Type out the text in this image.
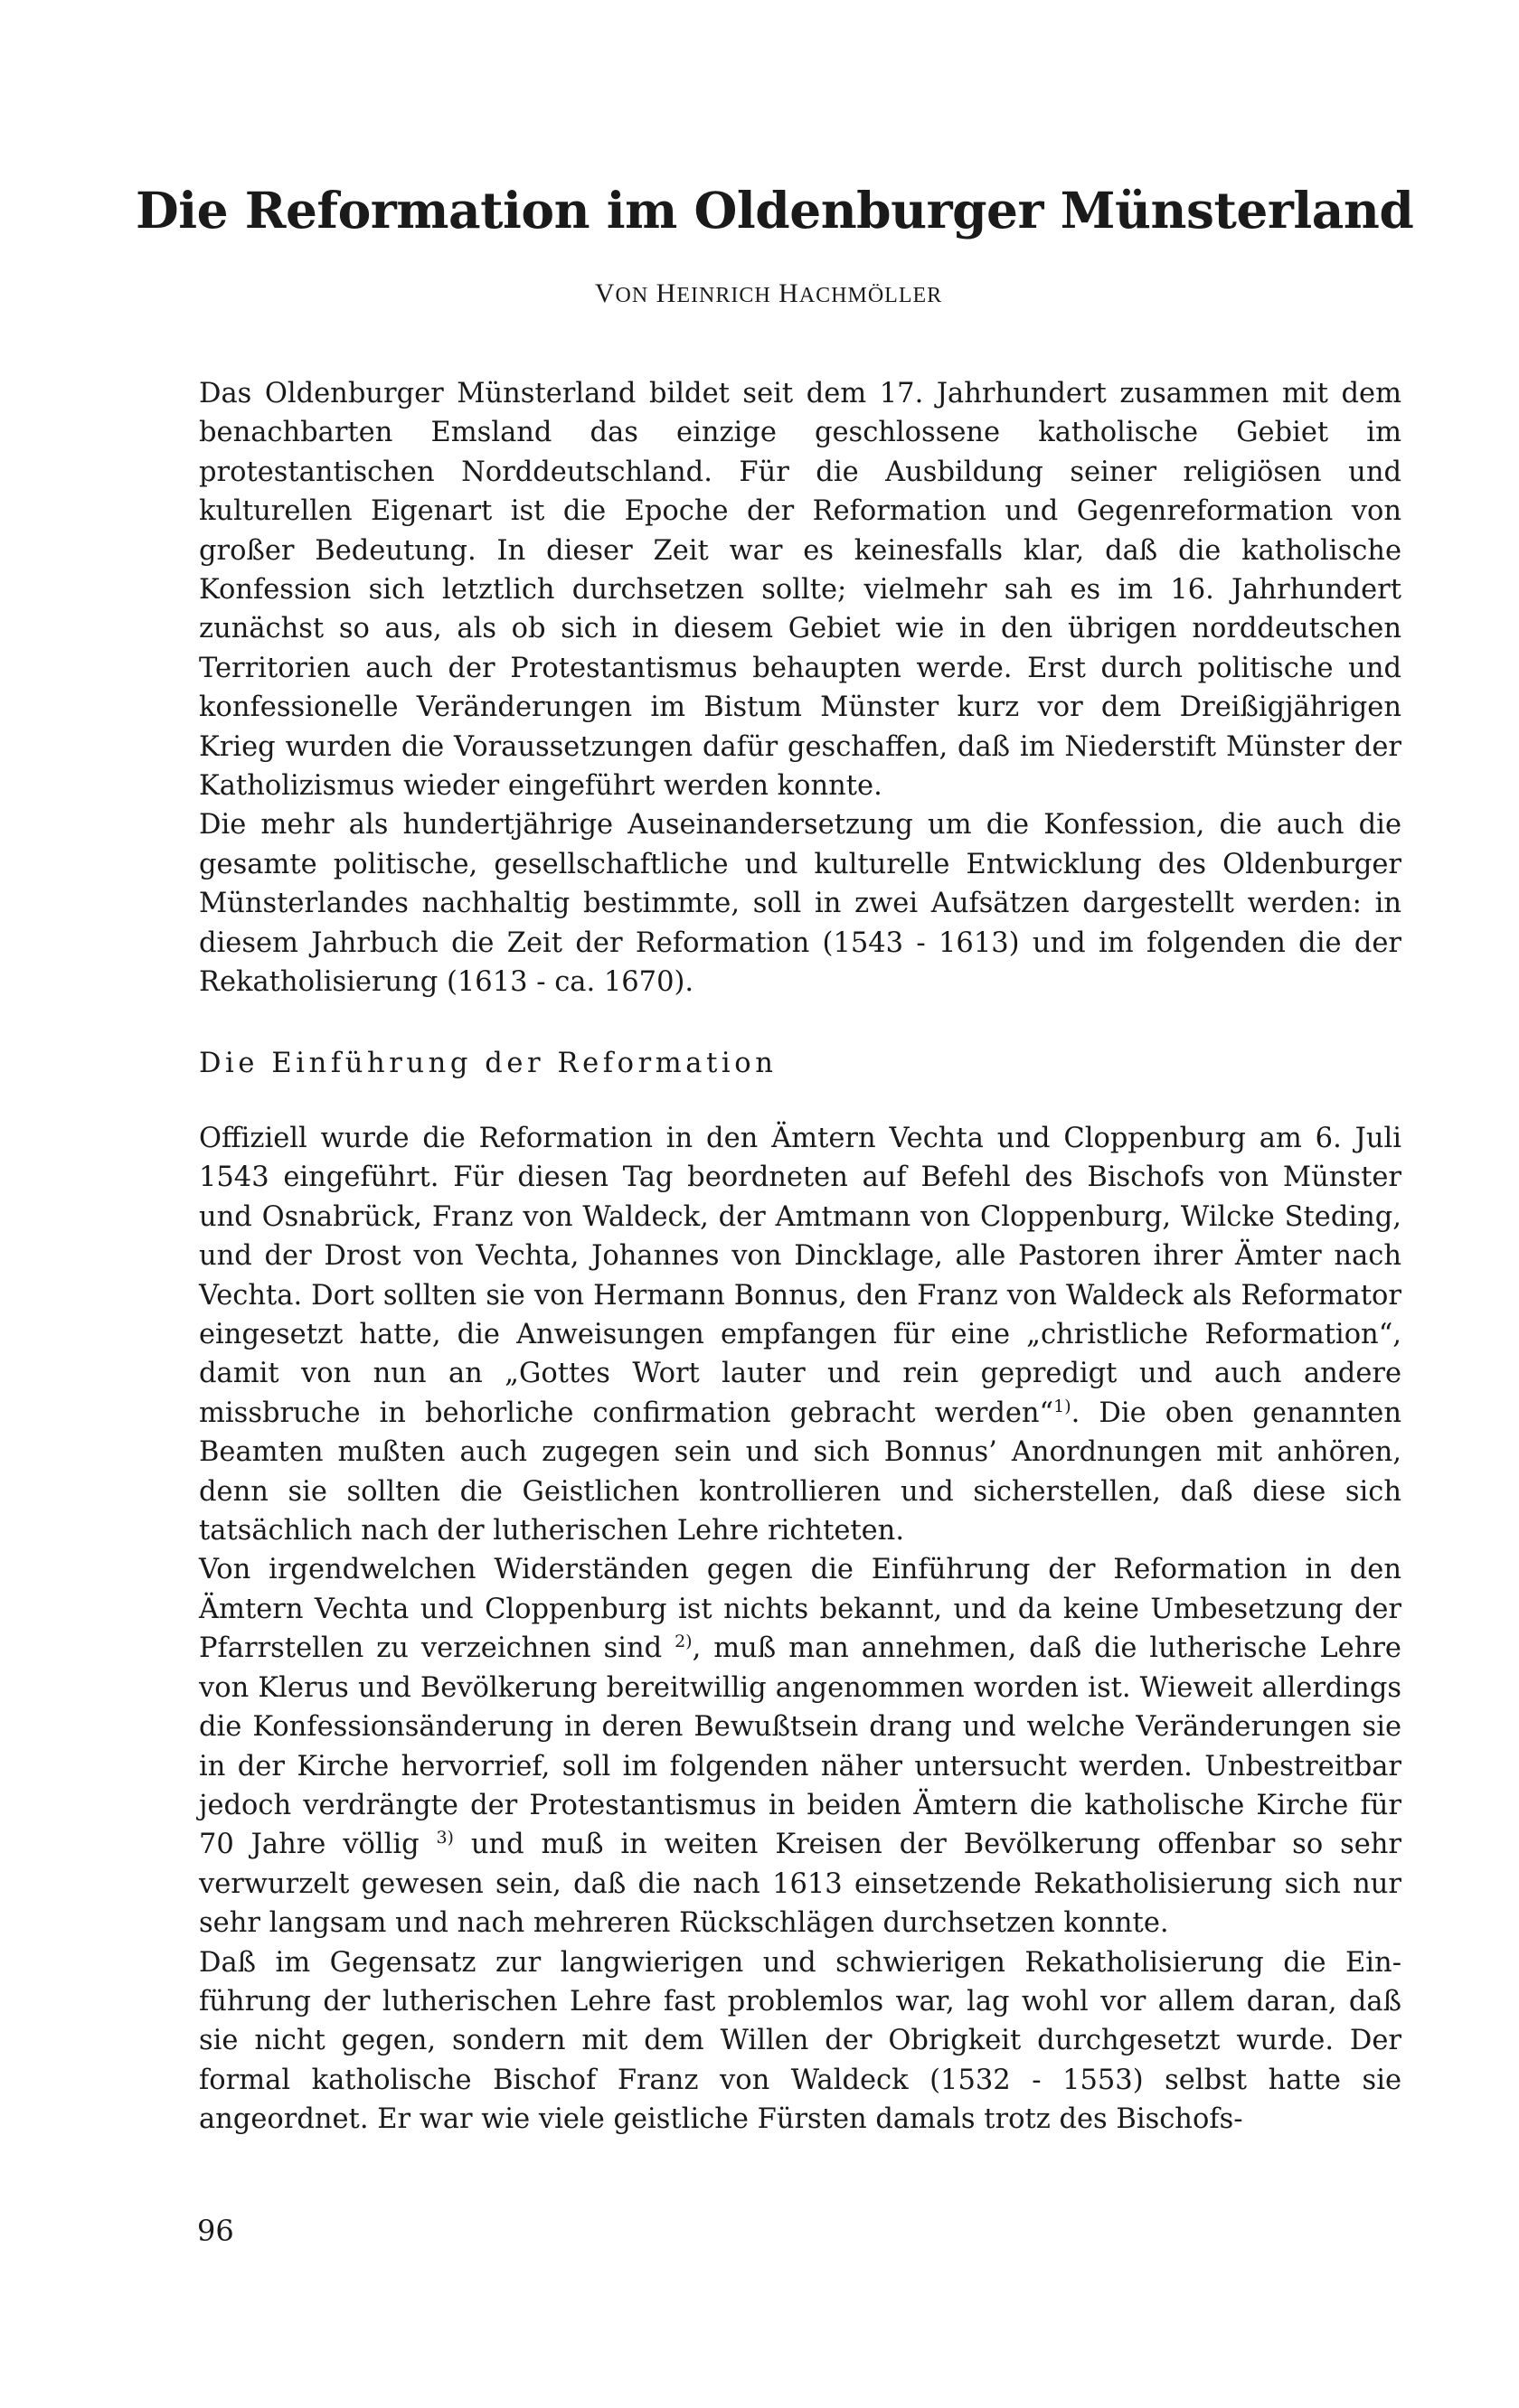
Die Reformation im Oldenburger Münsterland

VON HEINRICH HACHMÖLLER

Das Oldenburger Münsterland bildet seit dem 17. Jahrhundert zusammen mit dem benachbarten Emsland das einzige geschlossene katholische Gebiet im protestantischen Norddeutschland. Für die Ausbildung seiner religiösen und kulturellen Eigenart ist die Epoche der Reformation und Gegenreformation von großer Bedeutung. In dieser Zeit war es keinesfalls klar, daß die katholische Konfession sich letztlich durchsetzen sollte; vielmehr sah es im 16. Jahrhundert zunächst so aus, als ob sich in diesem Gebiet wie in den übrigen norddeutschen Territorien auch der Protestantismus behaupten werde. Erst durch politische und konfessionelle Veränderungen im Bistum Münster kurz vor dem Dreißigjährigen Krieg wurden die Voraussetzungen dafür geschaffen, daß im Niederstift Münster der Katholizismus wieder eingeführt werden konnte.
Die mehr als hundertjährige Auseinandersetzung um die Konfession, die auch die gesamte politische, gesellschaftliche und kulturelle Entwicklung des Oldenburger Münsterlandes nachhaltig bestimmte, soll in zwei Aufsätzen dargestellt werden: in diesem Jahrbuch die Zeit der Reformation (1543 - 1613) und im folgenden die der Rekatholisierung (1613 - ca. 1670).
Die Einführung der Reformation
Offiziell wurde die Reformation in den Ämtern Vechta und Cloppenburg am 6. Juli 1543 eingeführt. Für diesen Tag beordneten auf Befehl des Bischofs von Münster und Osnabrück, Franz von Waldeck, der Amtmann von Cloppenburg, Wilcke Steding, und der Drost von Vechta, Johannes von Dincklage, alle Pastoren ihrer Ämter nach Vechta. Dort sollten sie von Hermann Bonnus, den Franz von Waldeck als Reformator eingesetzt hatte, die Anweisungen empfangen für eine „christliche Reformation“, damit von nun an „Gottes Wort lauter und rein gepredigt und auch andere missbruche in behorliche confirmation gebracht werden“$^{1)}$. Die oben genannten Beamten mußten auch zugegen sein und sich Bonnus’ Anordnungen mit anhören, denn sie sollten die Geistlichen kontrollieren und sicherstellen, daß diese sich tatsächlich nach der lutherischen Lehre richteten.
Von irgendwelchen Widerständen gegen die Einführung der Reformation in den Ämtern Vechta und Cloppenburg ist nichts bekannt, und da keine Umbesetzung der Pfarrstellen zu verzeichnen sind $^{2)}$, muß man annehmen, daß die lutherische Lehre von Klerus und Bevölkerung bereitwillig angenommen worden ist. Wieweit allerdings die Konfessionsänderung in deren Bewußtsein drang und welche Veränderungen sie in der Kirche hervorrief, soll im folgenden näher untersucht werden. Unbestreitbar jedoch verdrängte der Protestantismus in beiden Ämtern die katholische Kirche für 70 Jahre völlig $^{3)}$ und muß in weiten Kreisen der Bevölkerung offenbar so sehr verwurzelt gewesen sein, daß die nach 1613 einsetzende Rekatholisierung sich nur sehr langsam und nach mehreren Rückschlägen durchsetzen konnte.
Daß im Gegensatz zur langwierigen und schwierigen Rekatholisierung die Einführung der lutherischen Lehre fast problemlos war, lag wohl vor allem daran, daß sie nicht gegen, sondern mit dem Willen der Obrigkeit durchgesetzt wurde. Der formal katholische Bischof Franz von Waldeck (1532 - 1553) selbst hatte sie angeordnet. Er war wie viele geistliche Fürsten damals trotz des Bischofs-

96
